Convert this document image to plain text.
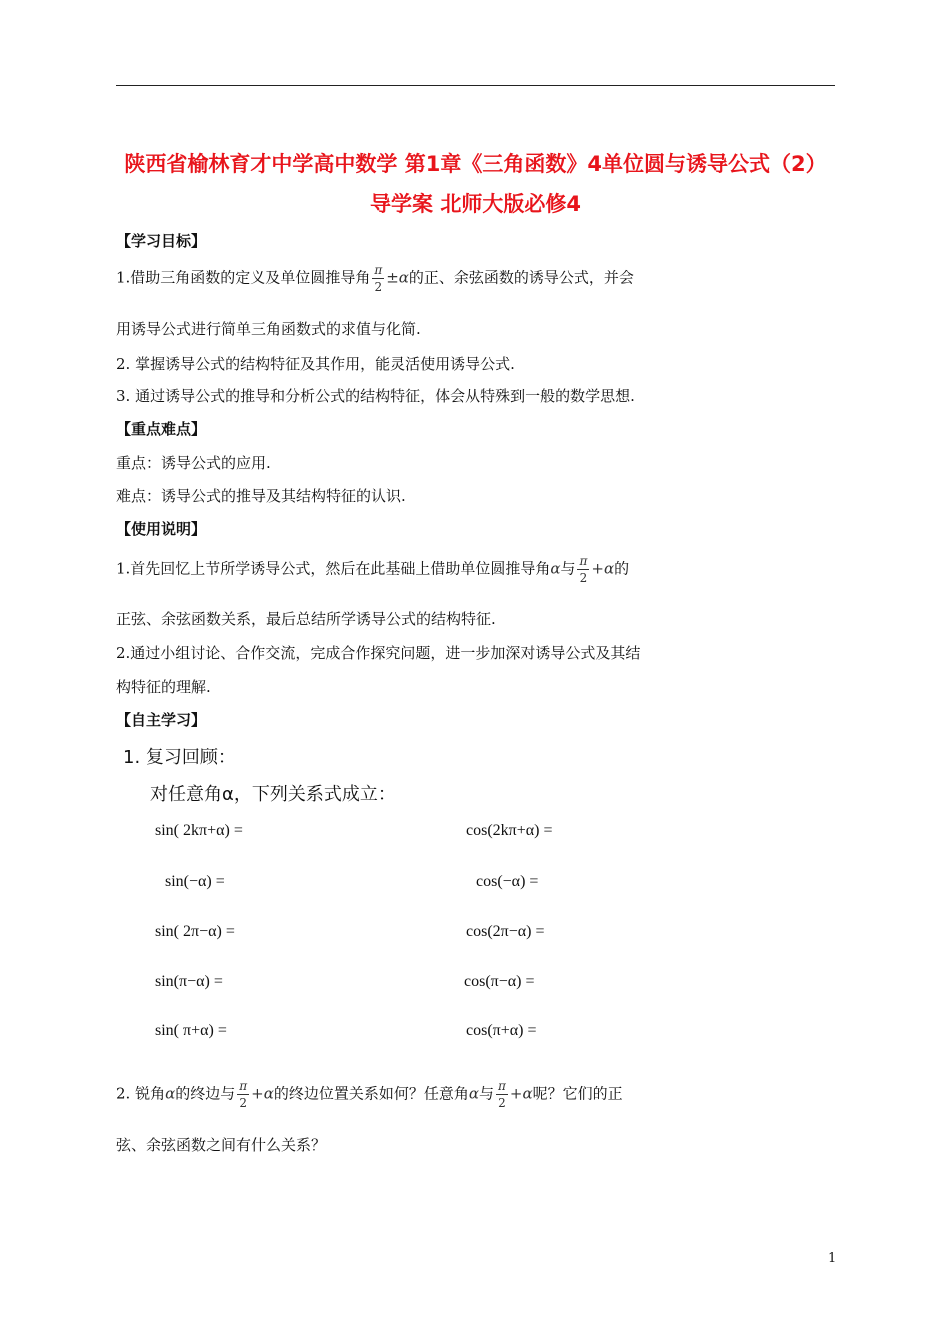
陕西省榆林育才中学高中数学 第1章《三角函数》4单位圆与诱导公式（2）
导学案 北师大版必修4
【学习目标】
1.借助三角函数的定义及单位圆推导角 $\frac{\pi}{2} \pm\alpha$的正、余弦函数的诱导公式，并会
用诱导公式进行简单三角函数式的求值与化简.
2. 掌握诱导公式的结构特征及其作用，能灵活使用诱导公式.
3. 通过诱导公式的推导和分析公式的结构特征，体会从特殊到一般的数学思想.
【重点难点】
重点：诱导公式的应用.
难点：诱导公式的推导及其结构特征的认识.
【使用说明】
1.首先回忆上节所学诱导公式，然后在此基础上借助单位圆推导角α与 $\frac{\pi}{2} +\alpha$的
正弦、余弦函数关系，最后总结所学诱导公式的结构特征.
2.通过小组讨论、合作交流，完成合作探究问题，进一步加深对诱导公式及其结
构特征的理解.
【自主学习】
1. 复习回顾：
对任意角α，下列关系式成立：
sin( 2kπ+α) =
sin(−α) =
sin( 2π−α) =
sin(π−α) =
sin( π+α) =
cos(2kπ+α) =
cos(−α) =
cos(2π−α) =
cos(π−α) =
cos(π+α) =
2. 锐角α的终边与 $\frac{\pi}{2} +\alpha$的终边位置关系如何？任意角α与 $\frac{\pi}{2} +\alpha$呢？它们的正
弦、余弦函数之间有什么关系？
1
